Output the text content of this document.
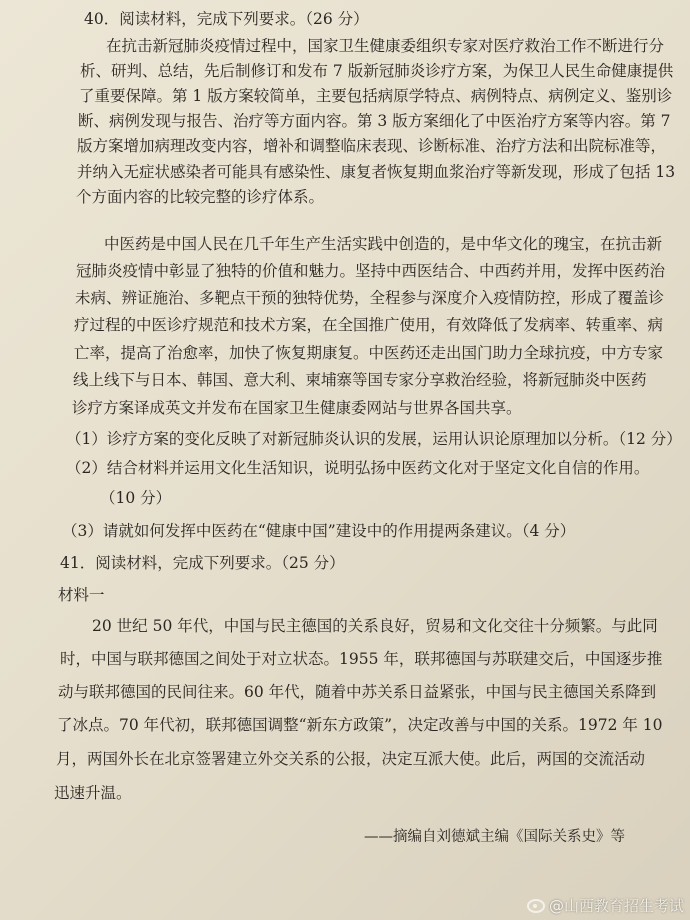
40．阅读材料，完成下列要求。（26 分）
在抗击新冠肺炎疫情过程中，国家卫生健康委组织专家对医疗救治工作不断进行分
析、研判、总结，先后制修订和发布 7 版新冠肺炎诊疗方案，为保卫人民生命健康提供
了重要保障。第 1 版方案较简单，主要包括病原学特点、病例特点、病例定义、鉴别诊
断、病例发现与报告、治疗等方面内容。第 3 版方案细化了中医治疗方案等内容。第 7
版方案增加病理改变内容，增补和调整临床表现、诊断标准、治疗方法和出院标准等，
并纳入无症状感染者可能具有感染性、康复者恢复期血浆治疗等新发现，形成了包括 13
个方面内容的比较完整的诊疗体系。
中医药是中国人民在几千年生产生活实践中创造的，是中华文化的瑰宝，在抗击新
冠肺炎疫情中彰显了独特的价值和魅力。坚持中西医结合、中西药并用，发挥中医药治
未病、辨证施治、多靶点干预的独特优势，全程参与深度介入疫情防控，形成了覆盖诊
疗过程的中医诊疗规范和技术方案，在全国推广使用，有效降低了发病率、转重率、病
亡率，提高了治愈率，加快了恢复期康复。中医药还走出国门助力全球抗疫，中方专家
线上线下与日本、韩国、意大利、柬埔寨等国专家分享救治经验，将新冠肺炎中医药
诊疗方案译成英文并发布在国家卫生健康委网站与世界各国共享。
（1）诊疗方案的变化反映了对新冠肺炎认识的发展，运用认识论原理加以分析。（12 分）
（2）结合材料并运用文化生活知识，说明弘扬中医药文化对于坚定文化自信的作用。
（10 分）
（3）请就如何发挥中医药在“健康中国”建设中的作用提两条建议。（4 分）
41．阅读材料，完成下列要求。（25 分）
材料一
20 世纪 50 年代，中国与民主德国的关系良好，贸易和文化交往十分频繁。与此同
时，中国与联邦德国之间处于对立状态。1955 年，联邦德国与苏联建交后，中国逐步推
动与联邦德国的民间往来。60 年代，随着中苏关系日益紧张，中国与民主德国关系降到
了冰点。70 年代初，联邦德国调整“新东方政策”，决定改善与中国的关系。1972 年 10
月，两国外长在北京签署建立外交关系的公报，决定互派大使。此后，两国的交流活动
迅速升温。
——摘编自刘德斌主编《国际关系史》等
@山西教育招生考试
